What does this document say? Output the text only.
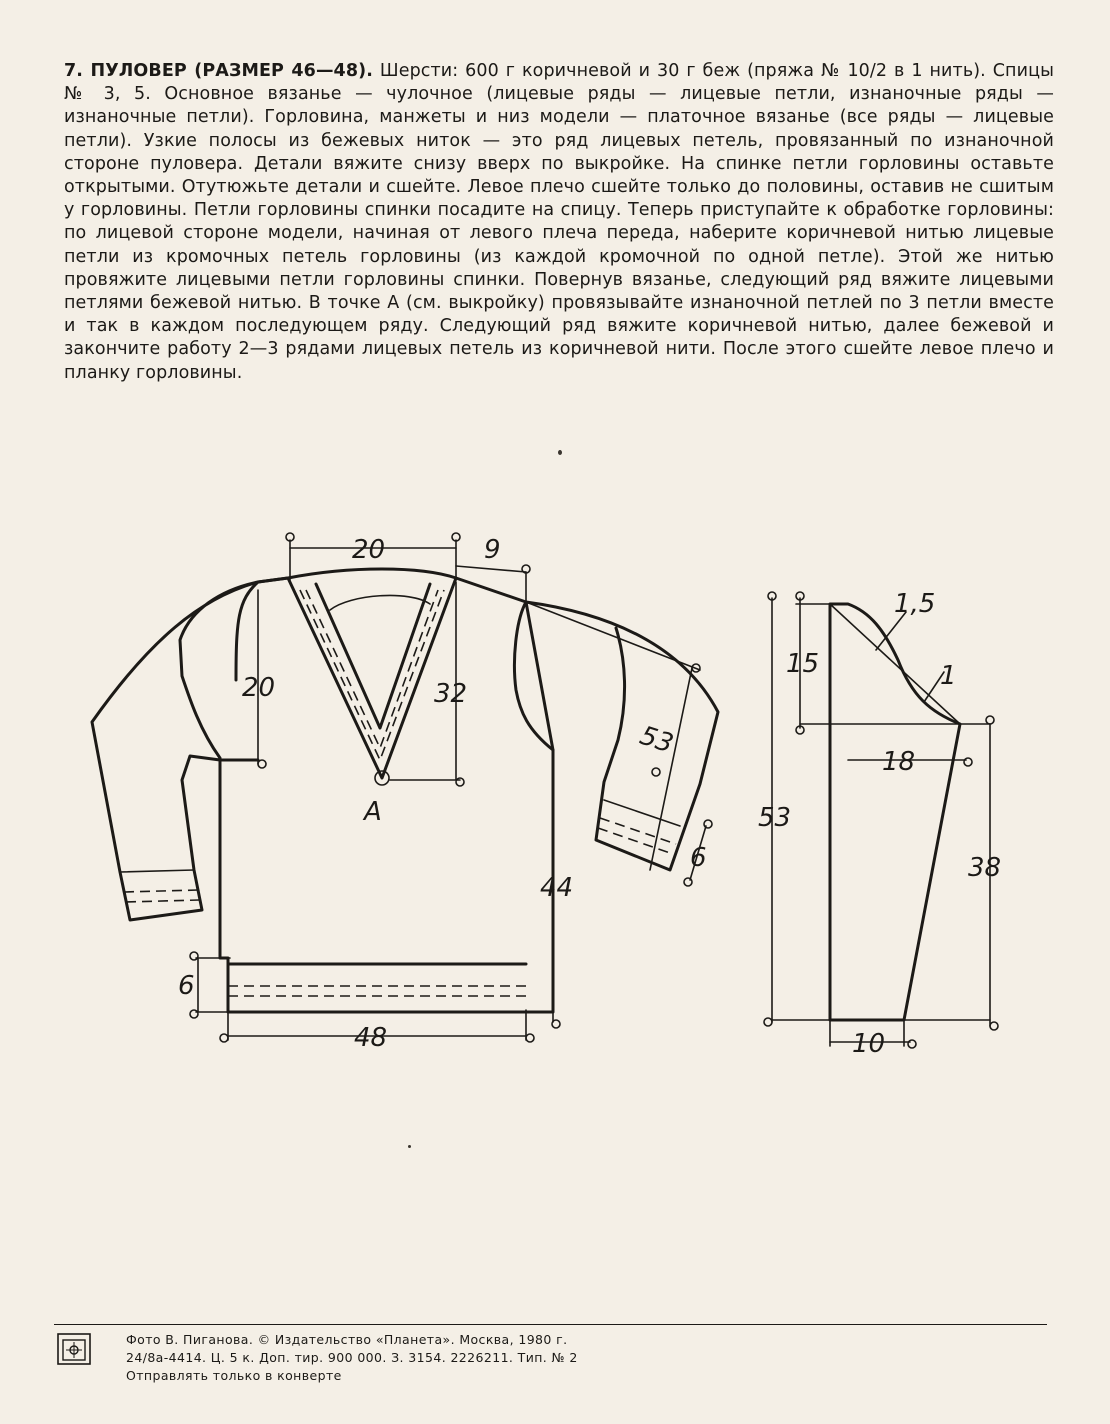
7. ПУЛОВЕР (РАЗМЕР 46—48). Шерсти: 600 г коричневой и 30 г беж (пряжа № 10/2 в 1 нить). Спицы № 3, 5. Основное вязанье — чулочное (лицевые ряды — лицевые петли, изнаночные ряды — изнаночные петли). Горловина, манжеты и низ модели — платочное вязанье (все ряды — лицевые петли). Узкие полосы из бежевых ниток — это ряд лицевых петель, провязанный по изнаночной стороне пуловера. Детали вяжите снизу вверх по выкройке. На спинке петли горловины оставьте открытыми. Отутюжьте детали и сшейте. Левое плечо сшейте только до половины, оставив не сшитым у горловины. Петли горловины спинки посадите на спицу. Теперь приступайте к обработке горловины: по лицевой стороне модели, начиная от левого плеча переда, наберите коричневой нитью лицевые петли из кромочных петель горловины (из каждой кромочной по одной петле). Этой же нитью провяжите лицевыми петли горловины спинки. Повернув вязанье, следующий ряд вяжите лицевыми петлями бежевой нитью. В точке А (см. выкройку) провязывайте изнаночной петлей по 3 петли вместе и так в каждом последующем ряду. Следующий ряд вяжите коричневой нитью, далее бежевой и закончите работу 2—3 рядами лицевых петель из коричневой нити. После этого сшейте левое плечо и планку горловины.

20	9
20	32
53
А
6
44
6
48
1,5
1
15
18
53
38
10
Фото В. Пиганова. © Издательство «Планета». Москва, 1980 г.
24/8а-4414. Ц. 5 к. Доп. тир. 900 000. З. 3154. 2226211. Тип. № 2
Отправлять только в конверте
